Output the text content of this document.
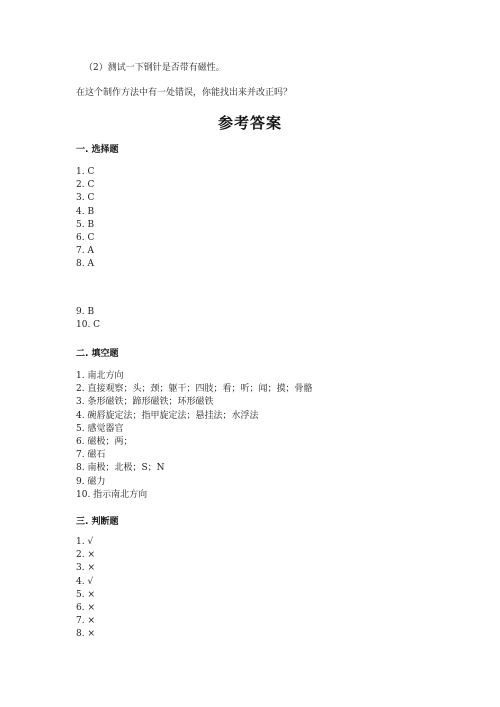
（2）测试一下钢针是否带有磁性。
在这个制作方法中有一处错误，你能找出来并改正吗？
参考答案
一. 选择题
1. C
2. C
3. C
4. B
5. B
6. C
7. A
8. A
9. B
10. C
二. 填空题
1. 南北方向
2. 直接观察；头；颈；躯干；四肢；看；听；闻；摸；骨骼
3. 条形磁铁；蹄形磁铁；环形磁铁
4. 碗唇旋定法；指甲旋定法；悬挂法；水浮法
5. 感觉器官
6. 磁极；两；
7. 磁石
8. 南极；北极；S；N
9. 磁力
10. 指示南北方向
三. 判断题
1. √
2. ×
3. ×
4. √
5. ×
6. ×
7. ×
8. ×
